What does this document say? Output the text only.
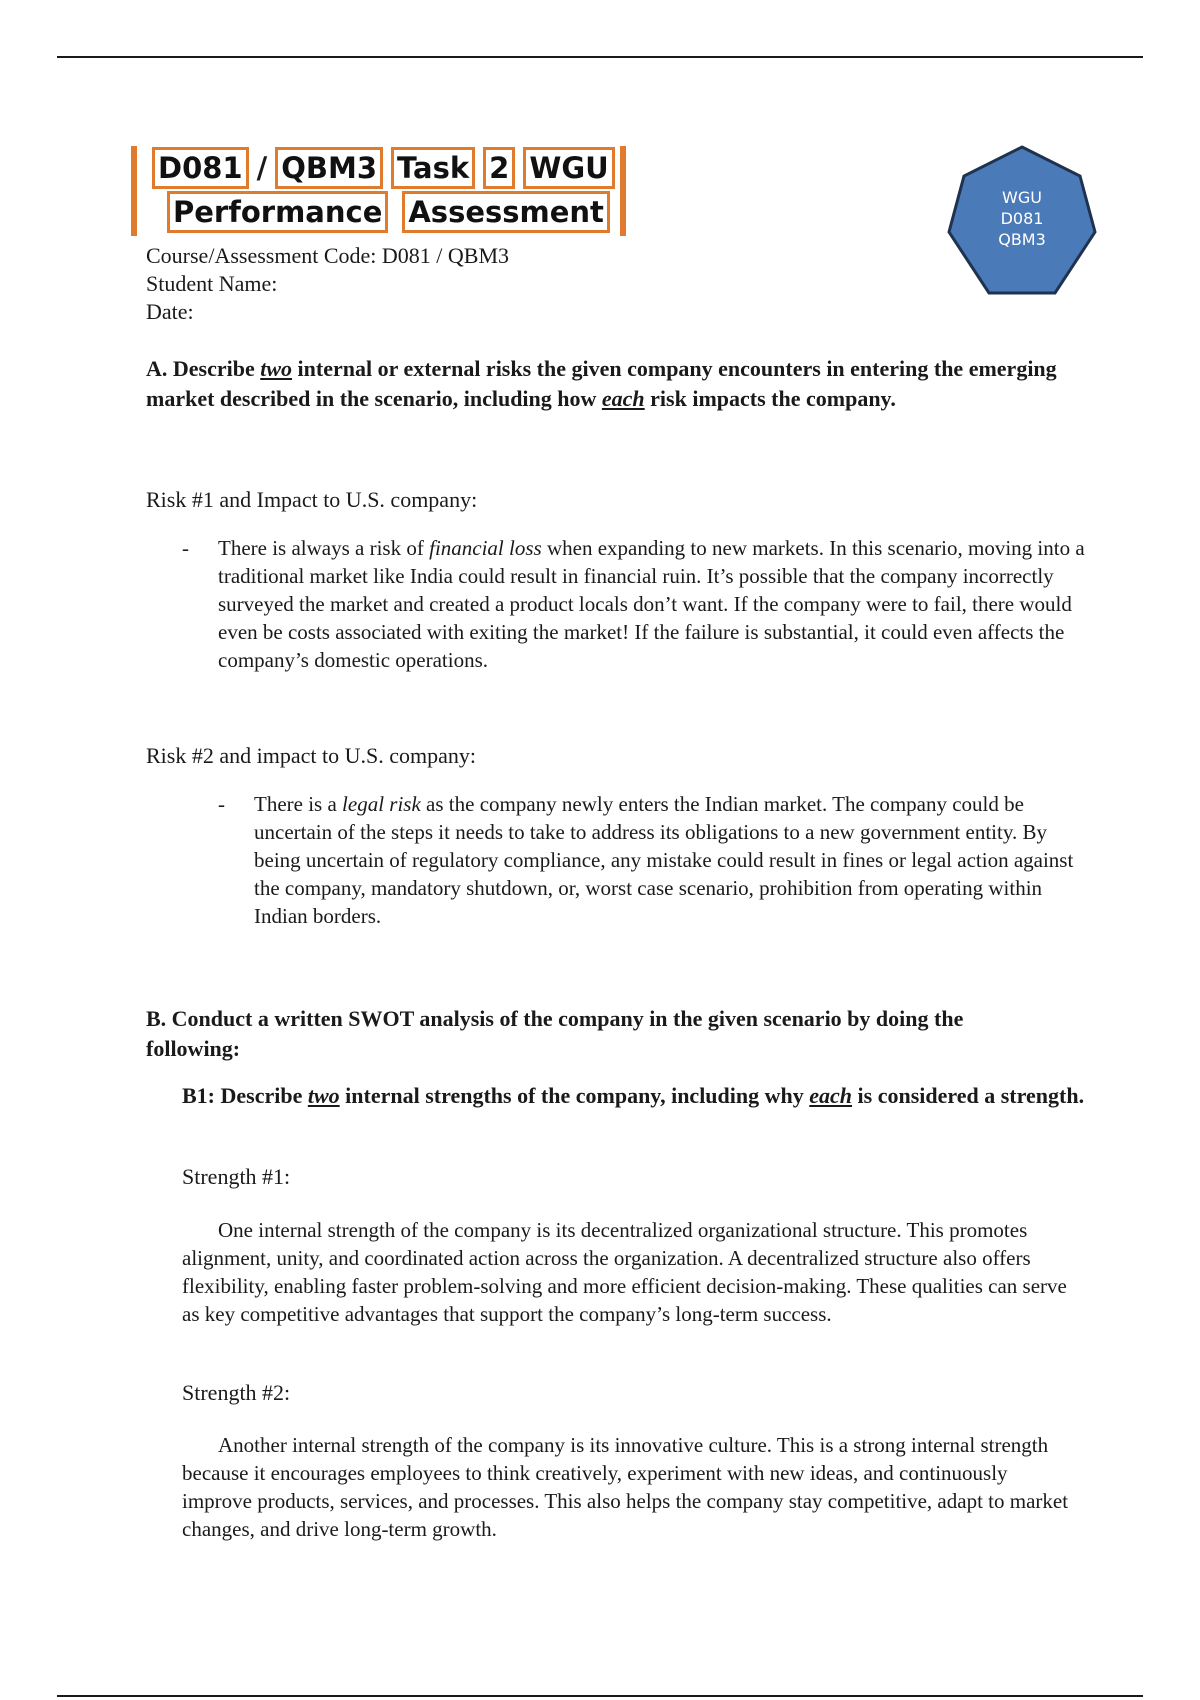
D081 / QBM3 Task 2 WGU
Performance Assessment	WGU
D081
QBM3
Course/Assessment Code: D081 / QBM3
Student Name:
Date:
A. Describe two internal or external risks the given company encounters in entering the emerging market described in the scenario, including how each risk impacts the company.
Risk #1 and Impact to U.S. company:
- There is always a risk of financial loss when expanding to new markets. In this scenario, moving into a traditional market like India could result in financial ruin. It’s possible that the company incorrectly surveyed the market and created a product locals don’t want. If the company were to fail, there would even be costs associated with exiting the market! If the failure is substantial, it could even affects the company’s domestic operations.
Risk #2 and impact to U.S. company:
- There is a legal risk as the company newly enters the Indian market. The company could be uncertain of the steps it needs to take to address its obligations to a new government entity. By being uncertain of regulatory compliance, any mistake could result in fines or legal action against the company, mandatory shutdown, or, worst case scenario, prohibition from operating within Indian borders.
B. Conduct a written SWOT analysis of the company in the given scenario by doing the following:
B1: Describe two internal strengths of the company, including why each is considered a strength.
Strength #1:
One internal strength of the company is its decentralized organizational structure. This promotes alignment, unity, and coordinated action across the organization. A decentralized structure also offers flexibility, enabling faster problem-solving and more efficient decision-making. These qualities can serve as key competitive advantages that support the company’s long-term success.
Strength #2:
Another internal strength of the company is its innovative culture. This is a strong internal strength because it encourages employees to think creatively, experiment with new ideas, and continuously improve products, services, and processes. This also helps the company stay competitive, adapt to market changes, and drive long-term growth.
